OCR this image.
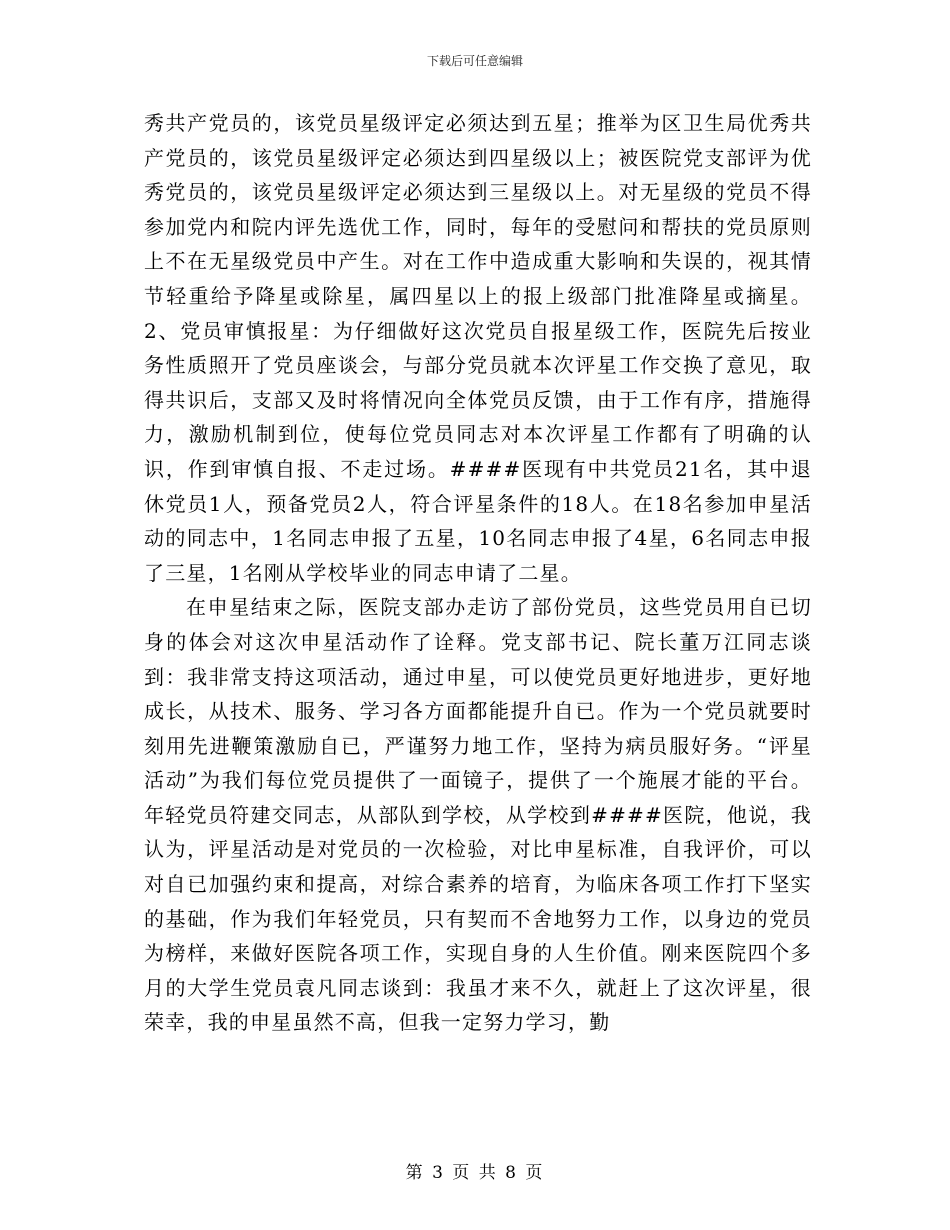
下载后可任意编辑

秀共产党员的，该党员星级评定必须达到五星；推举为区卫生局优秀共产党员的，该党员星级评定必须达到四星级以上；被医院党支部评为优秀党员的，该党员星级评定必须达到三星级以上。对无星级的党员不得参加党内和院内评先选优工作，同时，每年的受慰问和帮扶的党员原则上不在无星级党员中产生。对在工作中造成重大影响和失误的，视其情节轻重给予降星或除星，属四星以上的报上级部门批准降星或摘星。2、党员审慎报星：为仔细做好这次党员自报星级工作，医院先后按业务性质照开了党员座谈会，与部分党员就本次评星工作交换了意见，取得共识后，支部又及时将情况向全体党员反馈，由于工作有序，措施得力，激励机制到位，使每位党员同志对本次评星工作都有了明确的认识，作到审慎自报、不走过场。####医现有中共党员21名，其中退休党员1人，预备党员2人，符合评星条件的18人。在18名参加申星活动的同志中，1名同志申报了五星，10名同志申报了4星，6名同志申报了三星，1名刚从学校毕业的同志申请了二星。

在申星结束之际，医院支部办走访了部份党员，这些党员用自已切身的体会对这次申星活动作了诠释。党支部书记、院长董万江同志谈到：我非常支持这项活动，通过申星，可以使党员更好地进步，更好地成长，从技术、服务、学习各方面都能提升自已。作为一个党员就要时刻用先进鞭策激励自已，严谨努力地工作，坚持为病员服好务。“评星活动”为我们每位党员提供了一面镜子，提供了一个施展才能的平台。年轻党员符建交同志，从部队到学校，从学校到####医院，他说，我认为，评星活动是对党员的一次检验，对比申星标准，自我评价，可以对自已加强约束和提高，对综合素养的培育，为临床各项工作打下坚实的基础，作为我们年轻党员，只有契而不舍地努力工作，以身边的党员为榜样，来做好医院各项工作，实现自身的人生价值。刚来医院四个多月的大学生党员袁凡同志谈到：我虽才来不久，就赶上了这次评星，很荣幸，我的申星虽然不高，但我一定努力学习，勤

第 3 页 共 8 页
